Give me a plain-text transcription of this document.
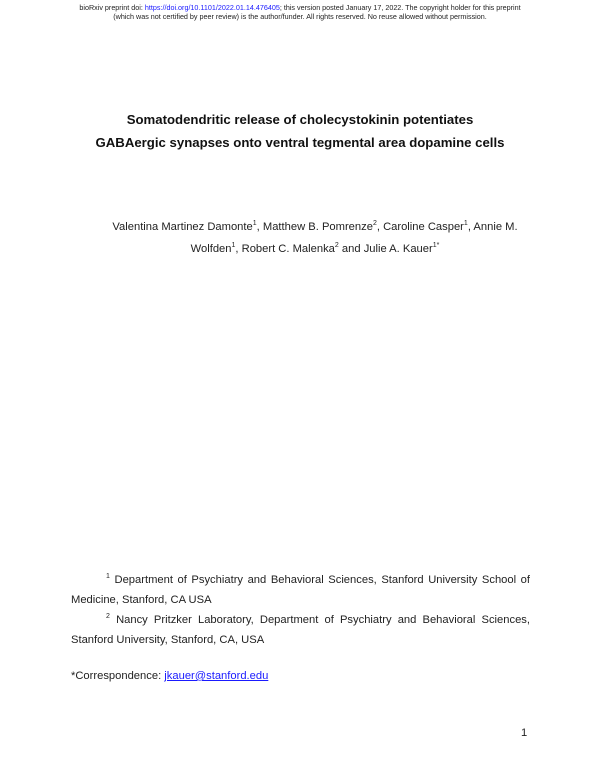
bioRxiv preprint doi: https://doi.org/10.1101/2022.01.14.476405; this version posted January 17, 2022. The copyright holder for this preprint
(which was not certified by peer review) is the author/funder. All rights reserved. No reuse allowed without permission.
Somatodendritic release of cholecystokinin potentiates
GABAergic synapses onto ventral tegmental area dopamine cells
Valentina Martinez Damonte$^1$, Matthew B. Pomrenze$^2$, Caroline Casper$^1$, Annie M. Wolfden$^1$, Robert C. Malenka$^2$ and Julie A. Kauer$^{1*}$
$^1$ Department of Psychiatry and Behavioral Sciences, Stanford University School of Medicine, Stanford, CA USA
$^2$ Nancy Pritzker Laboratory, Department of Psychiatry and Behavioral Sciences, Stanford University, Stanford, CA, USA
*Correspondence: jkauer@stanford.edu
1
